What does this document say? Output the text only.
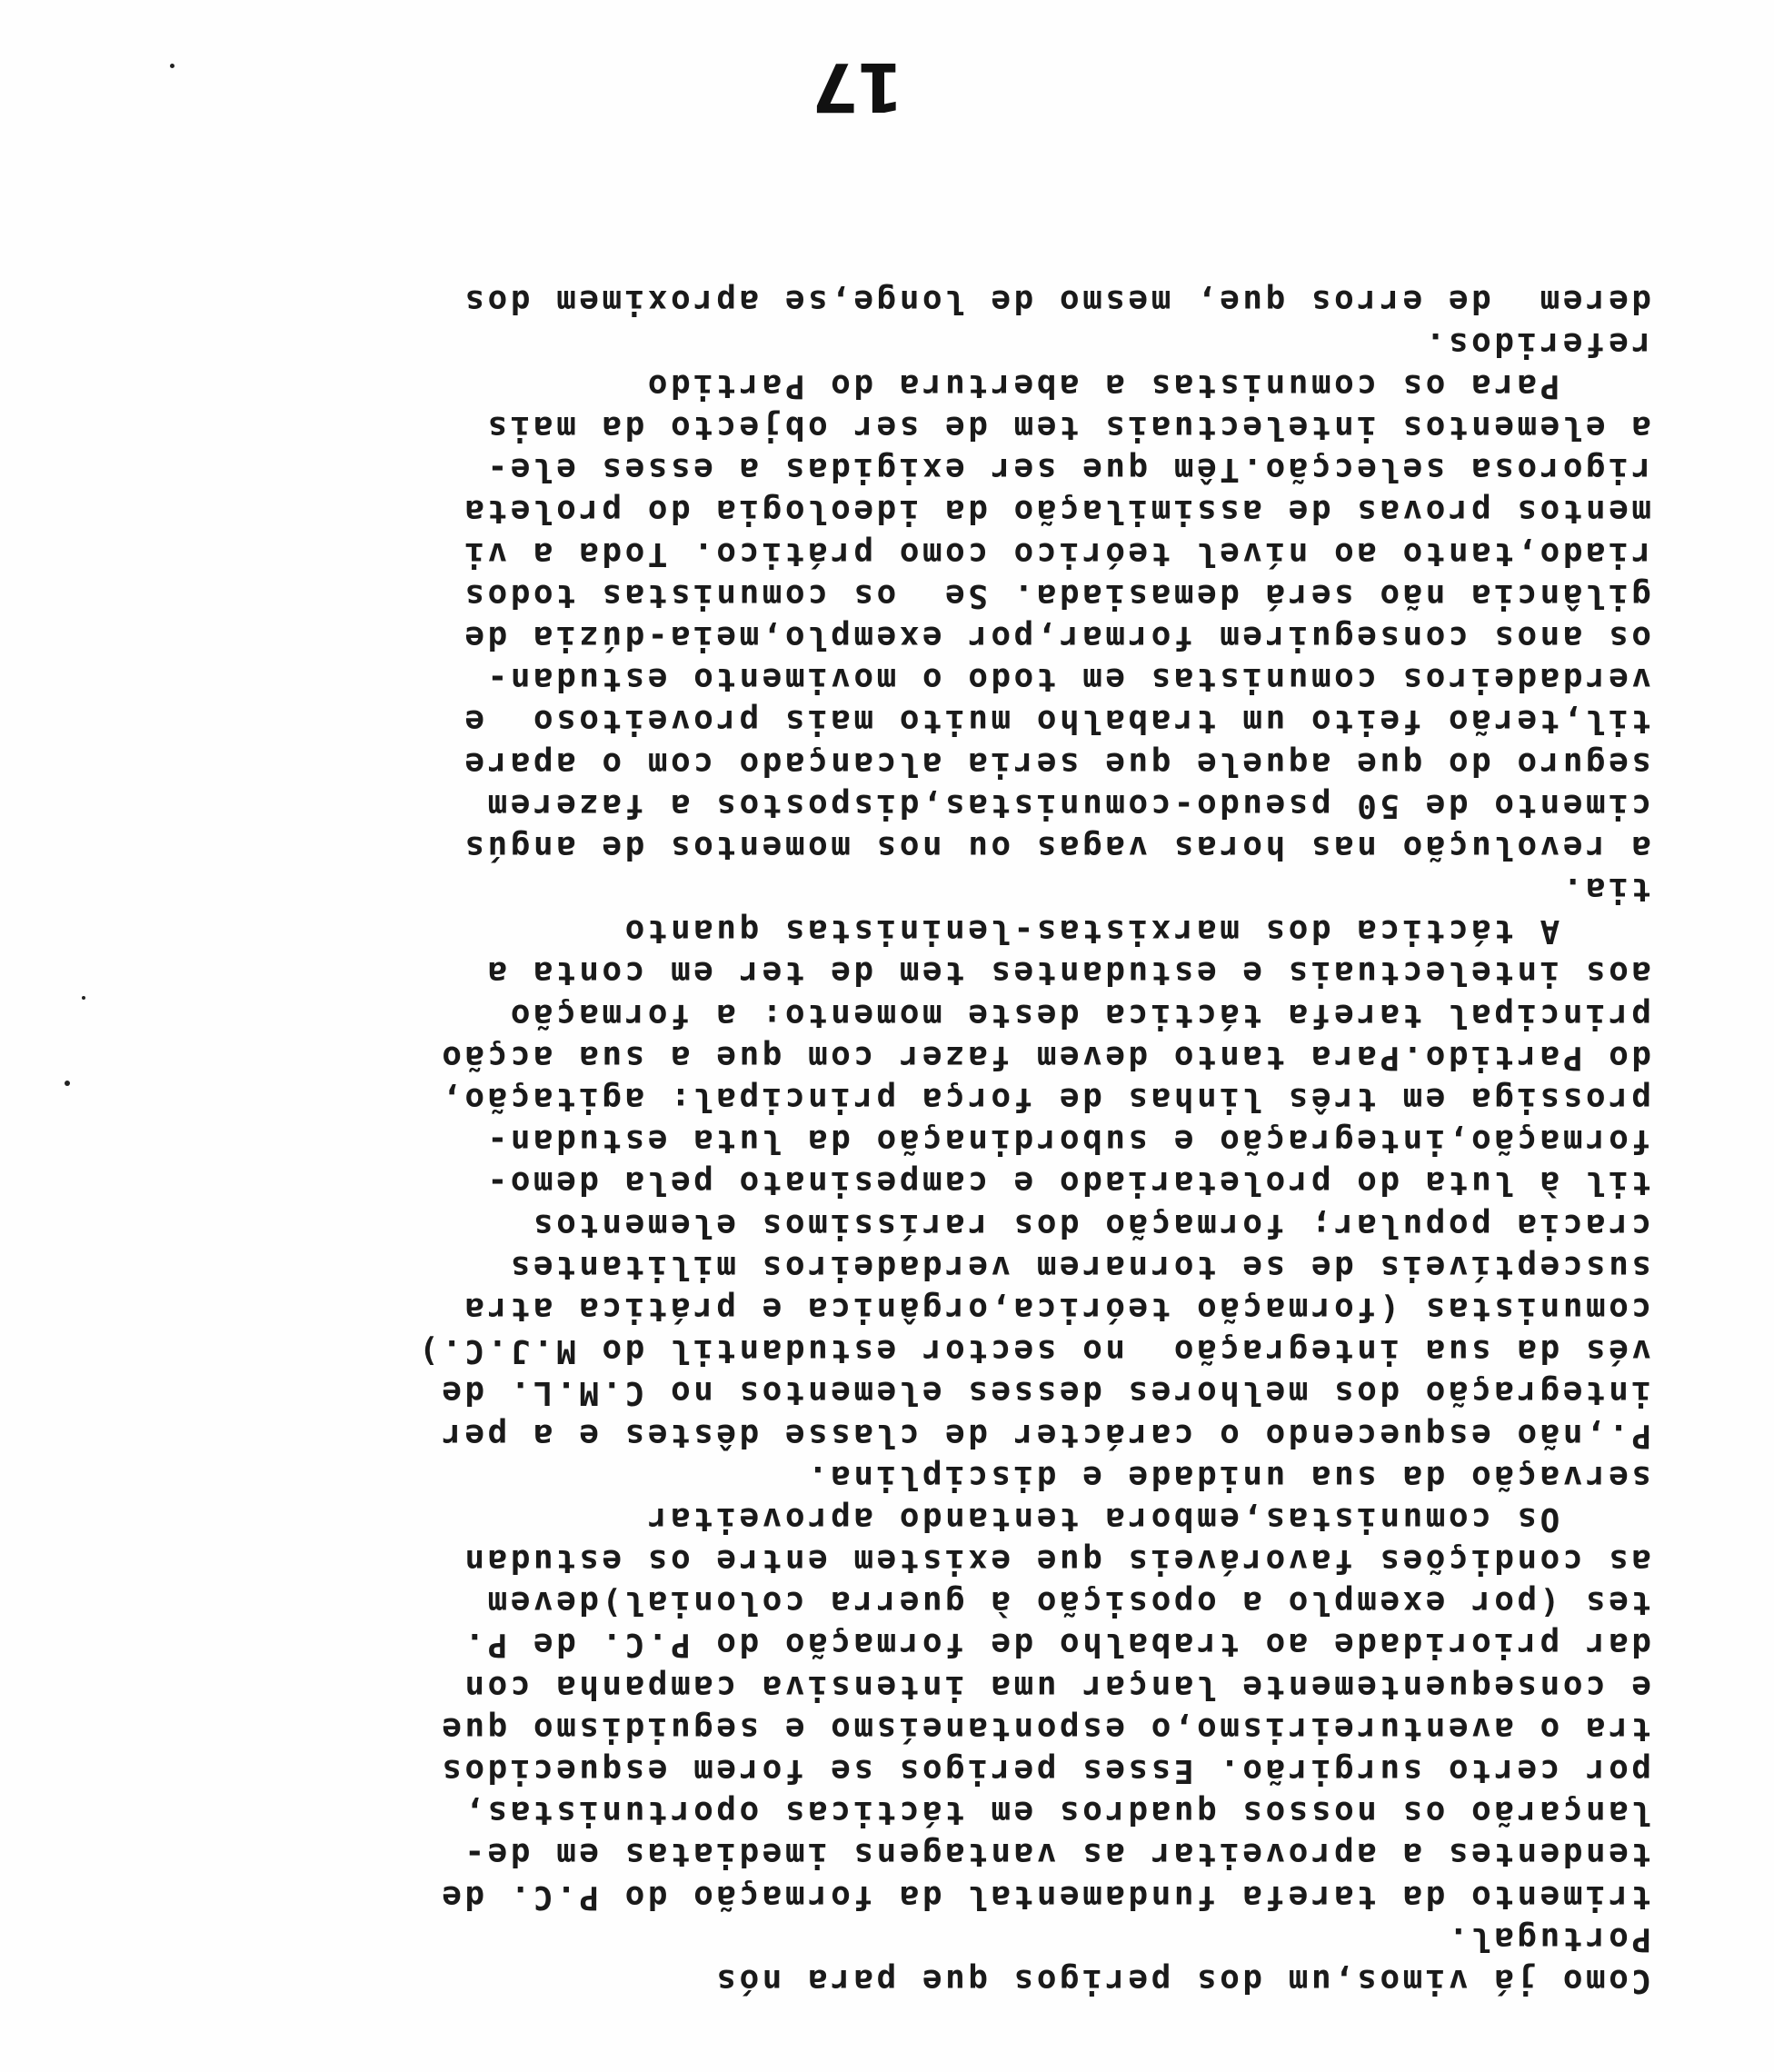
Como já vimos,um dos perigos que para nós
Portugal.
trimento da tarefa fundamental da formação do P.C. de
tendentes a aproveitar as vantagens imediatas em de-
lançarão os nossos quadros em tácticas oportunistas,
por certo surgirão. Esses perigos se forem esquecidos
tra o aventureirismo,o espontaneísmo e seguidismo que
e consequentemente lançar uma intensiva campanha con
dar prioridade ao trabalho de formação do P.C. de P.
tes (por exemplo a oposição à guerra colonial)devem
as condições favoráveis que existem entre os estudan
Os comunistas,embora tentando aproveitar
servação da sua unidade e disciplina.
P.,não esquecendo o carácter de classe dêstes e a per
integração dos melhores desses elementos no C.M.L. de
vés da sua integração  no sector estudantil do M.J.C.)
comunistas (formação teórica,orgânica e prática atra
susceptíveis de se tornarem verdadeiros militantes
cracia popular; formação dos raríssimos elementos
til à luta do proletariado e campesinato pela demo-
formação,integração e subordinação da luta estudan-
prossiga em três linhas de força principal: agitação,
do Partido.Para tanto devem fazer com que a sua acção
principal tarefa táctica deste momento: a formação
aos intelectuais e estudantes tem de ter em conta a
A táctica dos marxistas-leninistas quanto
tia.
a revolução nas horas vagas ou nos momentos de angús
cimento de 50 pseudo-comunistas,dispostos a fazerem
seguro do que aquele que seria alcançado com o apare
til,terão feito um trabalho muito mais proveitoso  e
verdadeiros comunistas em todo o movimento estudan-
os anos conseguirem formar,por exemplo,meia-dúzia de
gilância não será demasiada. Se  os comunistas todos
riado,tanto ao nível teórico como prático. Toda a vi
mentos provas de assimilação da ideologia do proleta
rigorosa selecção.Têm que ser exigidas a esses ele-
a elementos intelectuais tem de ser objecto da mais
Para os comunistas a abertura do Partido
referidos.
derem  de erros que, mesmo de longe,se aproximem dos
17
